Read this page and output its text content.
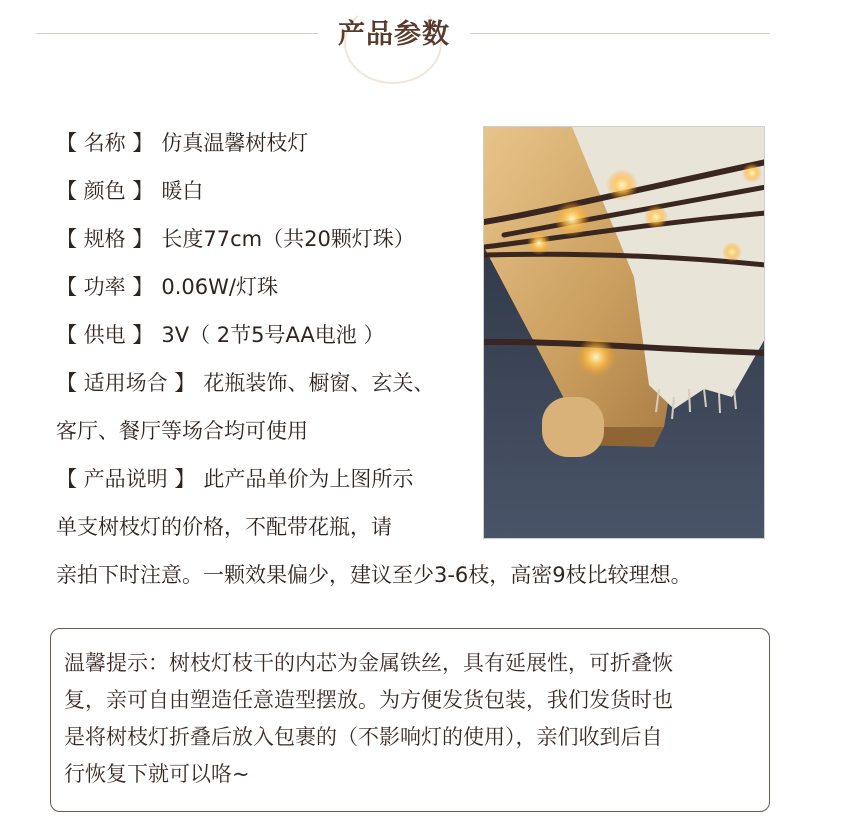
产品参数
【 名称 】 仿真温馨树枝灯
【 颜色 】 暖白
【 规格 】 长度77cm（共20颗灯珠）
【 功率 】 0.06W/灯珠
【 供电 】 3V（ 2节5号AA电池 ）
【 适用场合 】 花瓶装饰、橱窗、玄关、
客厅、餐厅等场合均可使用
【 产品说明 】 此产品单价为上图所示
单支树枝灯的价格，不配带花瓶，请
亲拍下时注意。一颗效果偏少，建议至少3-6枝，高密9枝比较理想。

温馨提示：树枝灯枝干的内芯为金属铁丝，具有延展性，可折叠恢

复，亲可自由塑造任意造型摆放。为方便发货包装，我们发货时也

是将树枝灯折叠后放入包裹的（不影响灯的使用），亲们收到后自

行恢复下就可以咯~
